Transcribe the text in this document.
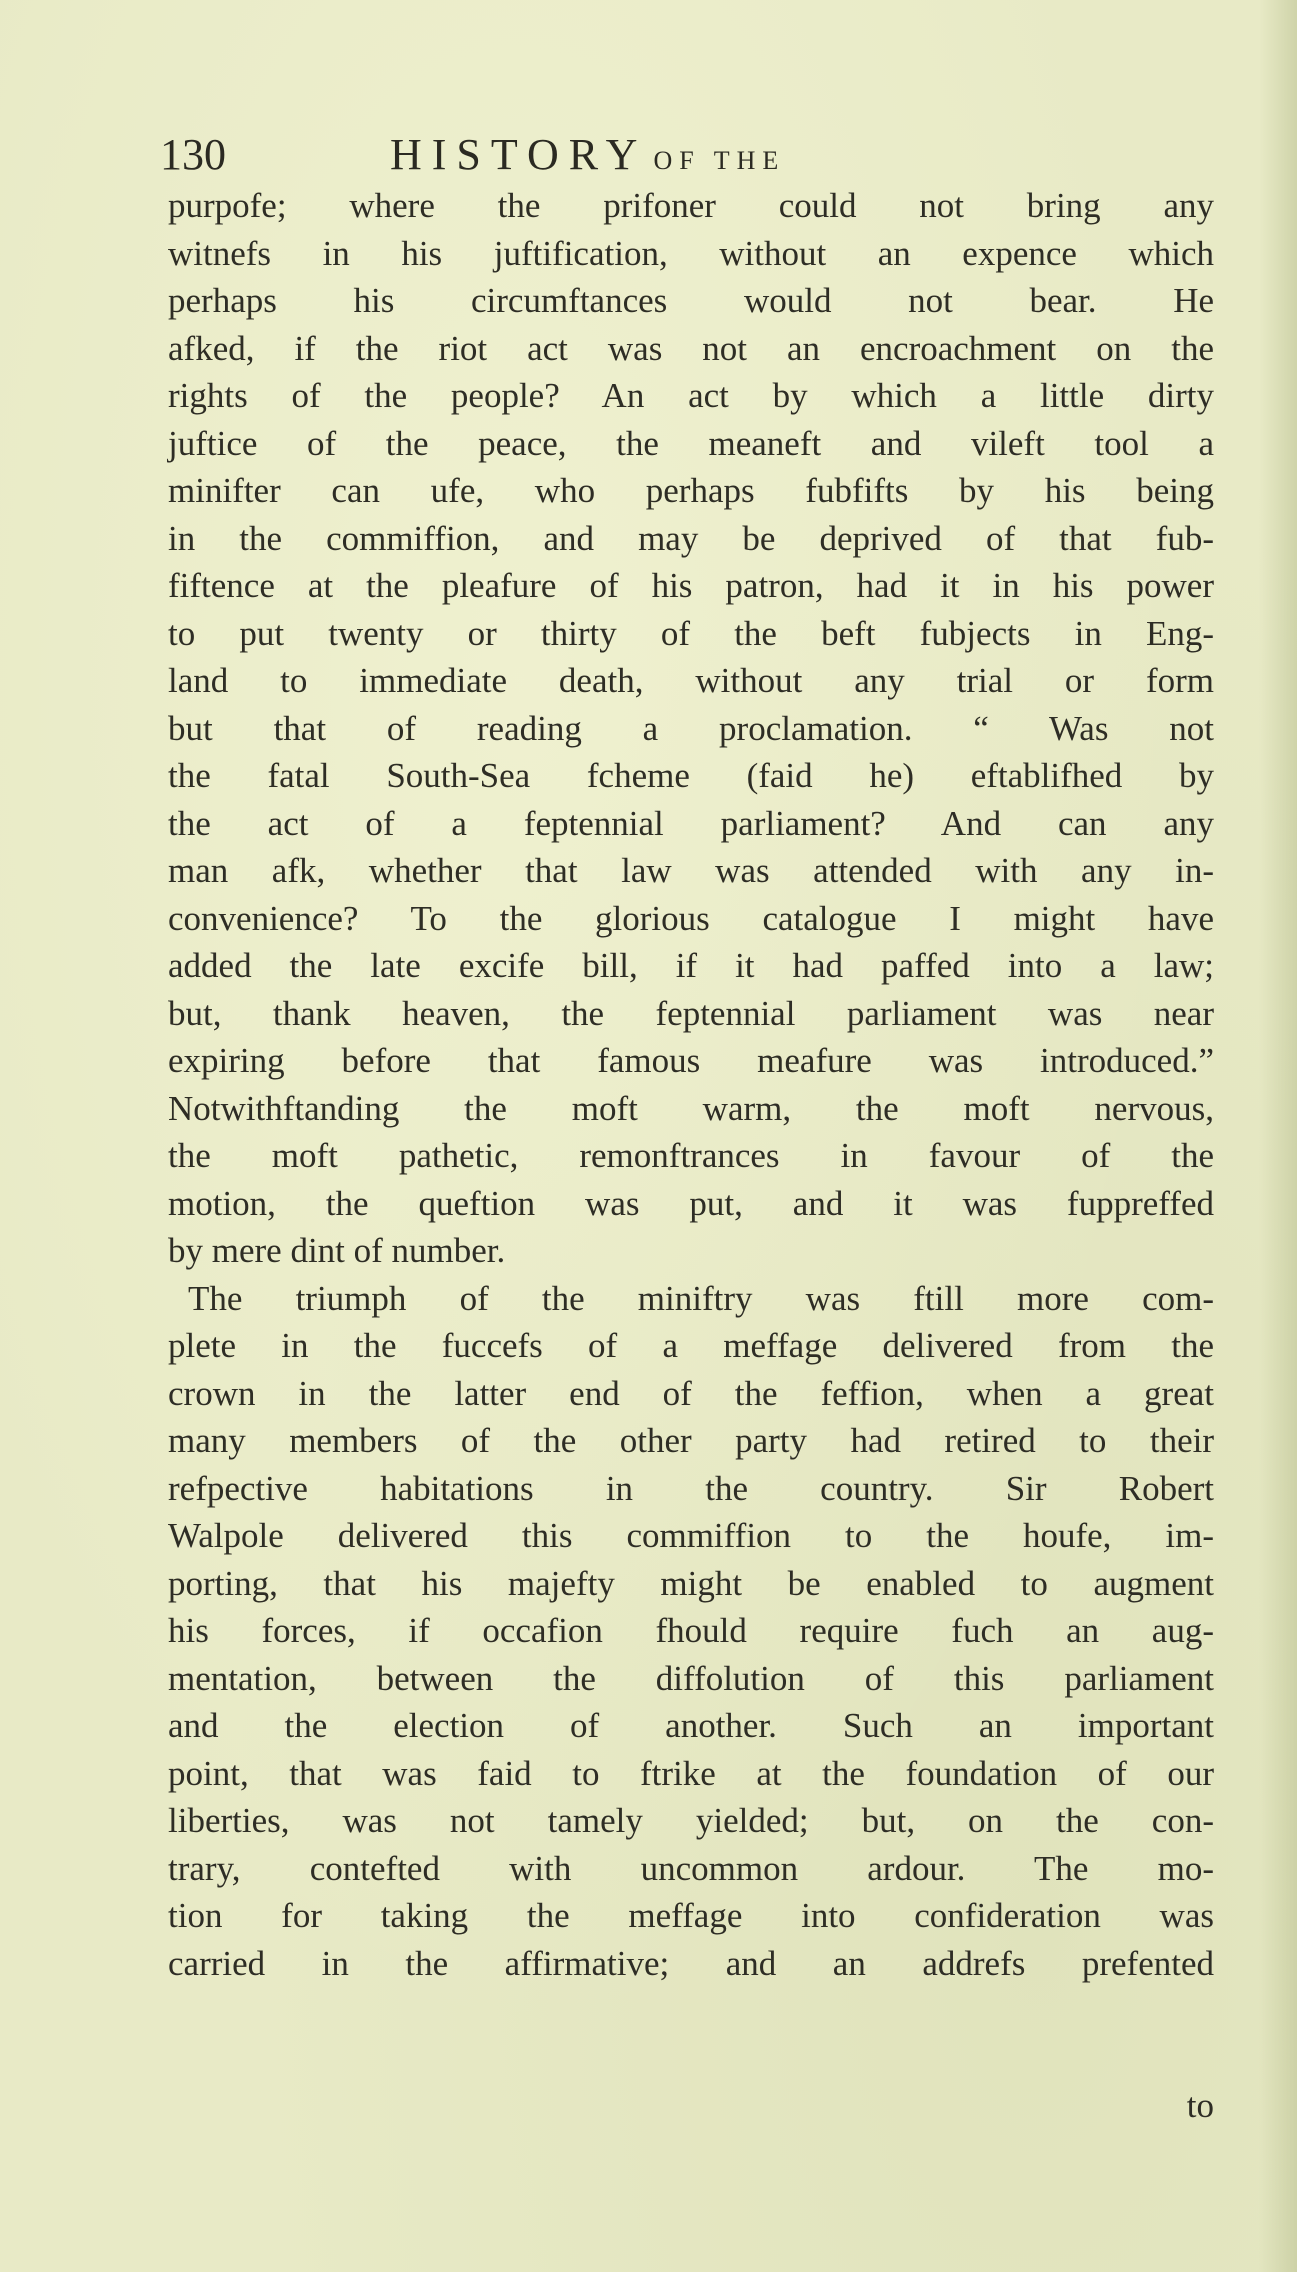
130	HISTORY OF THE
purpofe; where the prifoner could not bring any
witnefs in his juftification, without an expence which
perhaps his circumftances would not bear. He
afked, if the riot act was not an encroachment on the
rights of the people? An act by which a little dirty
juftice of the peace, the meaneft and vileft tool a
minifter can ufe, who perhaps fubfifts by his being
in the commiffion, and may be deprived of that fub-
fiftence at the pleafure of his patron, had it in his power
to put twenty or thirty of the beft fubjects in Eng-
land to immediate death, without any trial or form
but that of reading a proclamation. “ Was not
the fatal South-Sea fcheme (faid he) eftablifhed by
the act of a feptennial parliament? And can any
man afk, whether that law was attended with any in-
convenience? To the glorious catalogue I might have
added the late excife bill, if it had paffed into a law;
but, thank heaven, the feptennial parliament was near
expiring before that famous meafure was introduced.”
Notwithftanding the moft warm, the moft nervous,
the moft pathetic, remonftrances in favour of the
motion, the queftion was put, and it was fuppreffed
by mere dint of number.
The triumph of the miniftry was ftill more com-
plete in the fuccefs of a meffage delivered from the
crown in the latter end of the feffion, when a great
many members of the other party had retired to their
refpective habitations in the country. Sir Robert
Walpole delivered this commiffion to the houfe, im-
porting, that his majefty might be enabled to augment
his forces, if occafion fhould require fuch an aug-
mentation, between the diffolution of this parliament
and the election of another. Such an important
point, that was faid to ftrike at the foundation of our
liberties, was not tamely yielded; but, on the con-
trary, contefted with uncommon ardour. The mo-
tion for taking the meffage into confideration was
carried in the affirmative; and an addrefs prefented
to
